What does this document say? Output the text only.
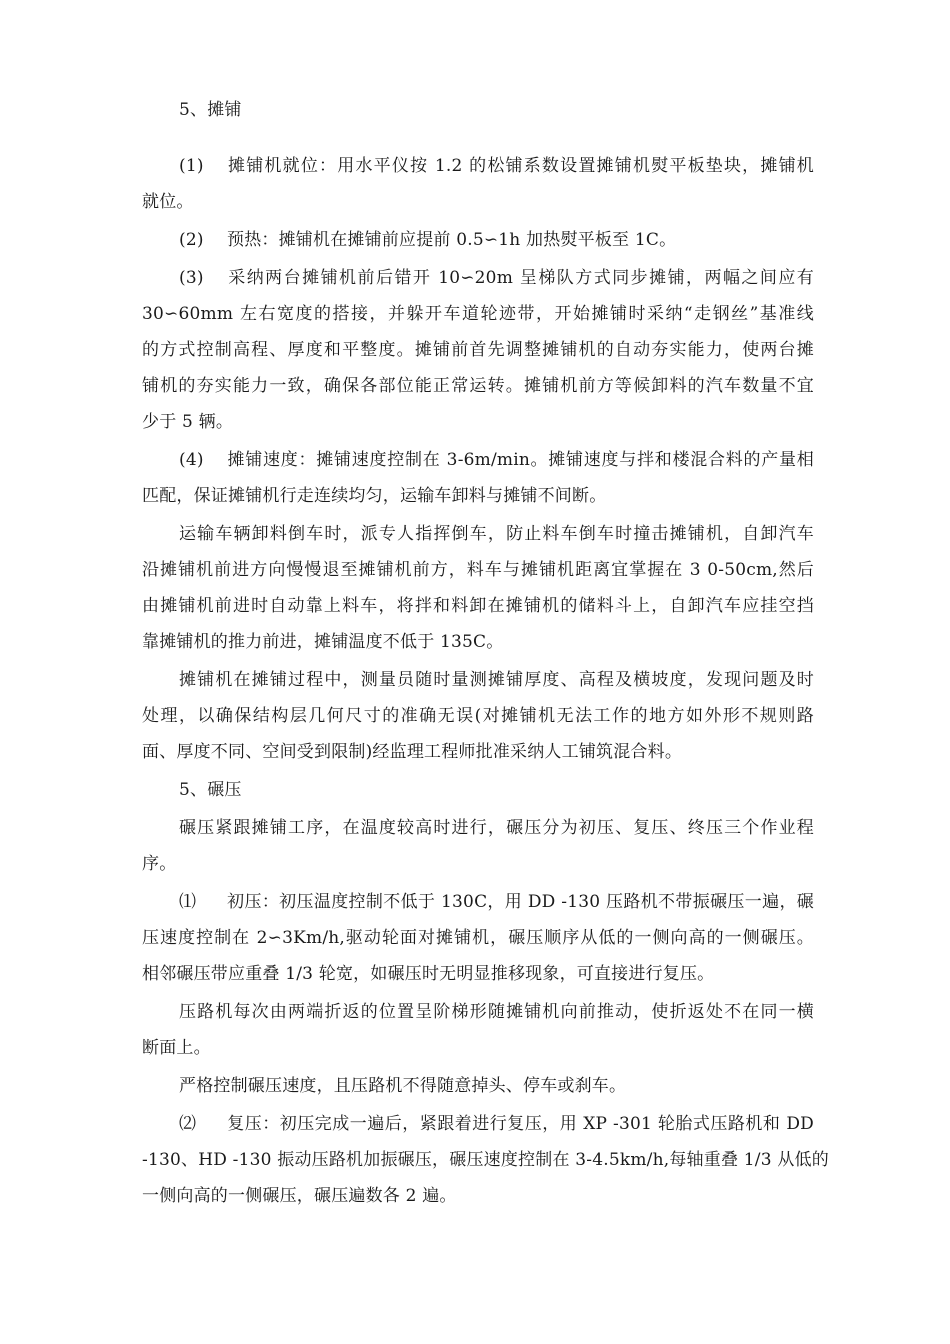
5、摊铺
(1) 摊铺机就位：用水平仪按 1.2 的松铺系数设置摊铺机熨平板垫块，摊铺机
就位。
(2) 预热：摊铺机在摊铺前应提前 0.5∽1h 加热熨平板至 1C。
(3) 采纳两台摊铺机前后错开 10∽20m 呈梯队方式同步摊铺，两幅之间应有
30∽60mm 左右宽度的搭接，并躲开车道轮迹带，开始摊铺时采纳“走钢丝”基准线
的方式控制高程、厚度和平整度。摊铺前首先调整摊铺机的自动夯实能力，使两台摊
铺机的夯实能力一致，确保各部位能正常运转。摊铺机前方等候卸料的汽车数量不宜
少于 5 辆。
(4) 摊铺速度：摊铺速度控制在 3-6m/min。摊铺速度与拌和楼混合料的产量相
匹配，保证摊铺机行走连续均匀，运输车卸料与摊铺不间断。
运输车辆卸料倒车时，派专人指挥倒车，防止料车倒车时撞击摊铺机，自卸汽车
沿摊铺机前进方向慢慢退至摊铺机前方，料车与摊铺机距离宜掌握在 3 0-50cm,然后
由摊铺机前进时自动靠上料车，将拌和料卸在摊铺机的储料斗上，自卸汽车应挂空挡
靠摊铺机的推力前进，摊铺温度不低于 135C。
摊铺机在摊铺过程中，测量员随时量测摊铺厚度、高程及横坡度，发现问题及时
处理，以确保结构层几何尺寸的准确无误(对摊铺机无法工作的地方如外形不规则路
面、厚度不同、空间受到限制)经监理工程师批准采纳人工铺筑混合料。
5、碾压
碾压紧跟摊铺工序，在温度较高时进行，碾压分为初压、复压、终压三个作业程
序。
⑴ 初压：初压温度控制不低于 130C，用 DD -130 压路机不带振碾压一遍，碾
压速度控制在 2∽3Km/h,驱动轮面对摊铺机，碾压顺序从低的一侧向高的一侧碾压。
相邻碾压带应重叠 1/3 轮宽，如碾压时无明显推移现象，可直接进行复压。
压路机每次由两端折返的位置呈阶梯形随摊铺机向前推动，使折返处不在同一横
断面上。
严格控制碾压速度，且压路机不得随意掉头、停车或刹车。
⑵ 复压：初压完成一遍后，紧跟着进行复压，用 XP -301 轮胎式压路机和 DD
-130、HD -130 振动压路机加振碾压，碾压速度控制在 3-4.5km/h,每轴重叠 1/3 从低的
一侧向高的一侧碾压，碾压遍数各 2 遍。
